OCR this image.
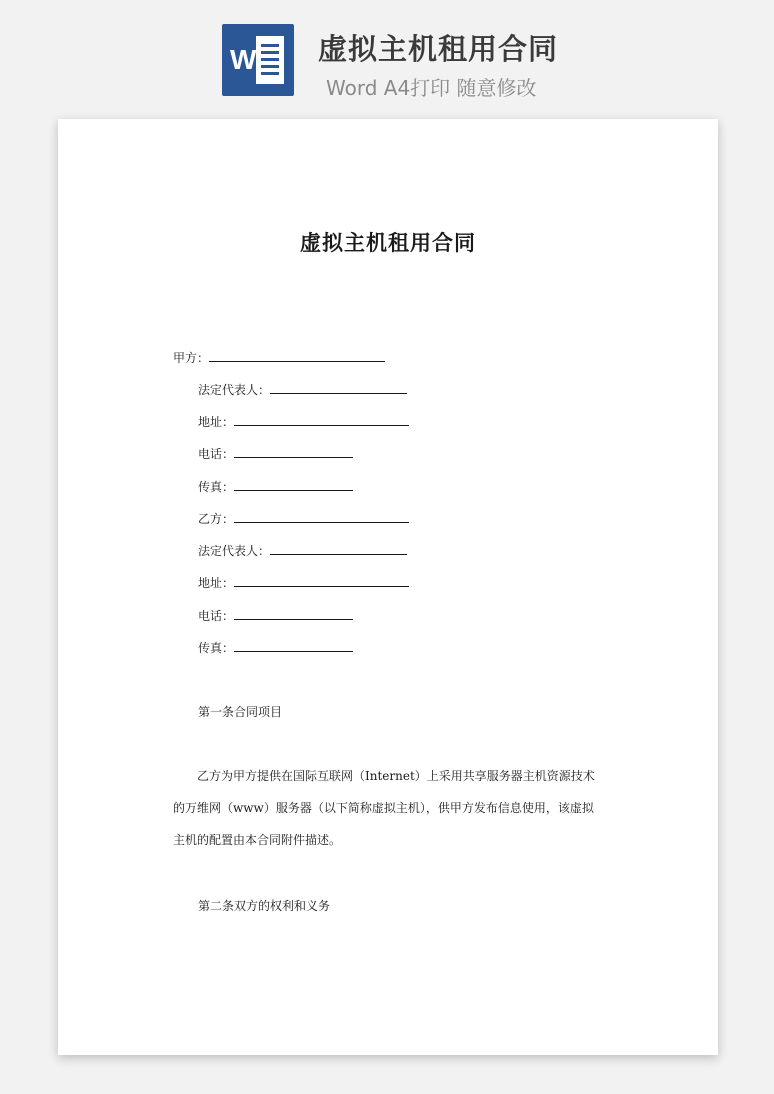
W 虚拟主机租用合同
Word A4打印 随意修改

虚拟主机租用合同
甲方：
法定代表人：
地址：
电话：
传真：
乙方：
法定代表人：
地址：
电话：
传真：
第一条合同项目
乙方为甲方提供在国际互联网（Internet）上采用共享服务器主机资源技术的万维网（www）服务器（以下简称虚拟主机），供甲方发布信息使用，该虚拟主机的配置由本合同附件描述。
第二条双方的权利和义务
